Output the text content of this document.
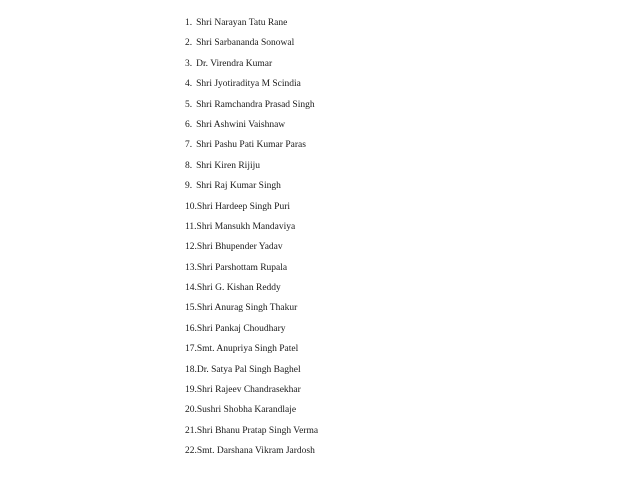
1. Shri Narayan Tatu Rane
2. Shri Sarbananda Sonowal
3. Dr. Virendra Kumar
4. Shri Jyotiraditya M Scindia
5. Shri Ramchandra Prasad Singh
6. Shri Ashwini Vaishnaw
7. Shri Pashu Pati Kumar Paras
8. Shri Kiren Rijiju
9. Shri Raj Kumar Singh
10. Shri Hardeep Singh Puri
11. Shri Mansukh Mandaviya
12. Shri Bhupender Yadav
13. Shri Parshottam Rupala
14. Shri G. Kishan Reddy
15. Shri Anurag Singh Thakur
16. Shri Pankaj Choudhary
17. Smt. Anupriya Singh Patel
18. Dr. Satya Pal Singh Baghel
19. Shri Rajeev Chandrasekhar
20. Sushri Shobha Karandlaje
21. Shri Bhanu Pratap Singh Verma
22. Smt. Darshana Vikram Jardosh
